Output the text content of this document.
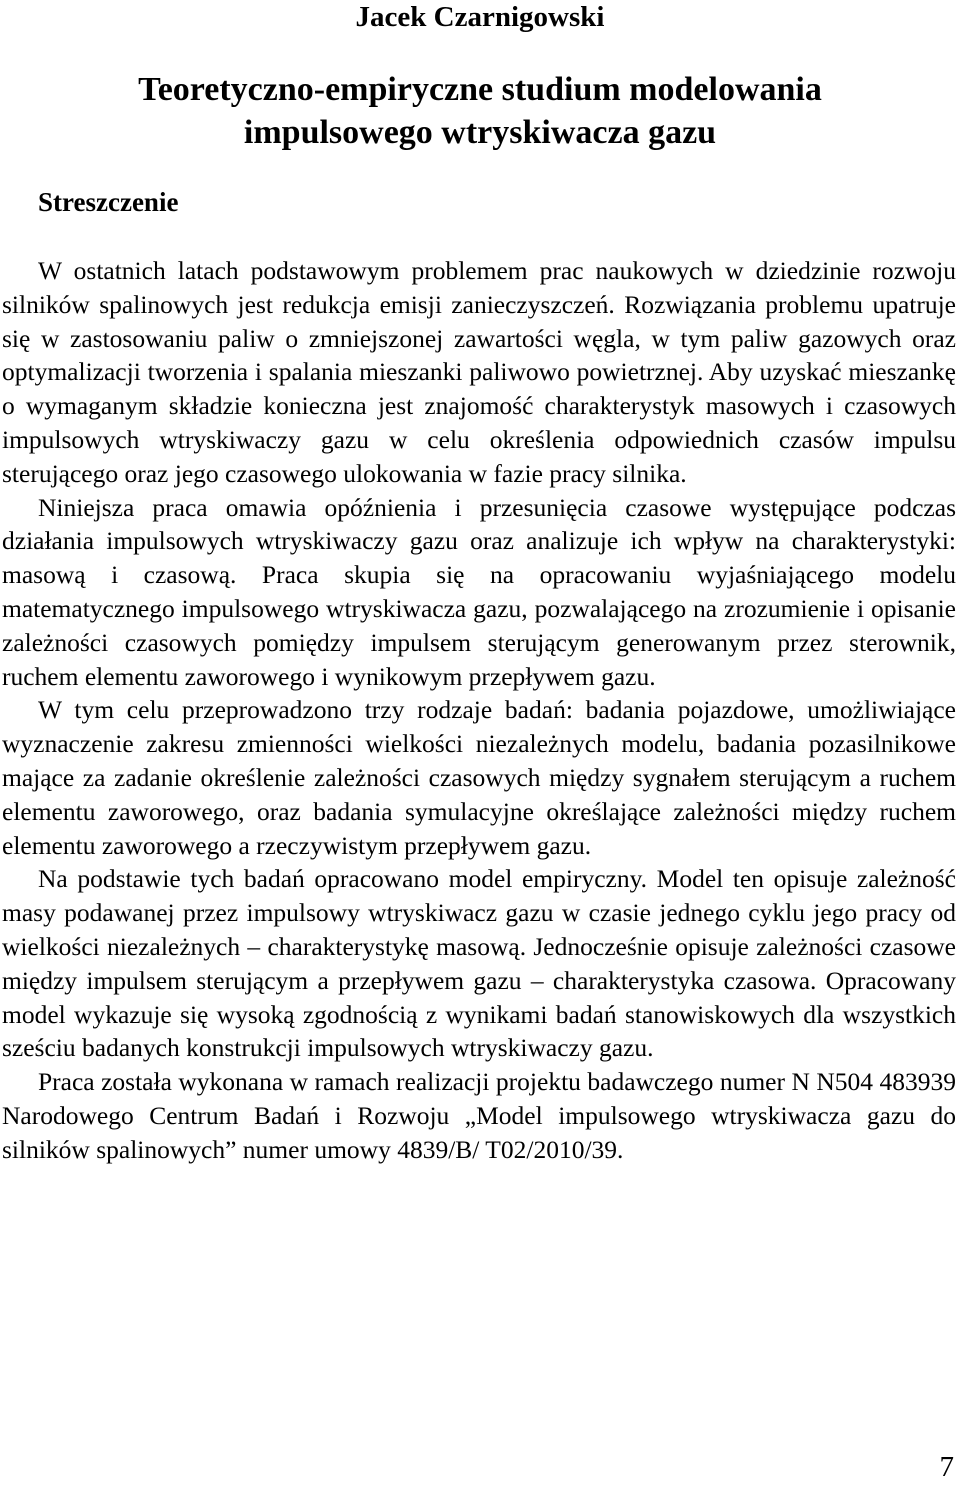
Jacek Czarnigowski
Teoretyczno-empiryczne studium modelowania
impulsowego wtryskiwacza gazu
Streszczenie

W ostatnich latach podstawowym problemem prac naukowych w dziedzinie rozwoju silników spalinowych jest redukcja emisji zanieczyszczeń. Rozwiązania problemu upatruje się w zastosowaniu paliw o zmniejszonej zawartości węgla, w tym paliw gazowych oraz optymalizacji tworzenia i spalania mieszanki paliwowo powietrznej. Aby uzyskać mieszankę o wymaganym składzie konieczna jest znajomość charakterystyk masowych i czasowych impulsowych wtryskiwaczy gazu w celu określenia odpowiednich czasów impulsu sterującego oraz jego czasowego ulokowania w fazie pracy silnika.

Niniejsza praca omawia opóźnienia i przesunięcia czasowe występujące podczas działania impulsowych wtryskiwaczy gazu oraz analizuje ich wpływ na charakterystyki: masową i czasową. Praca skupia się na opracowaniu wyjaśniającego modelu matematycznego impulsowego wtryskiwacza gazu, pozwalającego na zrozumienie i opisanie zależności czasowych pomiędzy impulsem sterującym generowanym przez sterownik, ruchem elementu zaworowego i wynikowym przepływem gazu.

W tym celu przeprowadzono trzy rodzaje badań: badania pojazdowe, umożliwiające wyznaczenie zakresu zmienności wielkości niezależnych modelu, badania pozasilnikowe mające za zadanie określenie zależności czasowych między sygnałem sterującym a ruchem elementu zaworowego, oraz badania symulacyjne określające zależności między ruchem elementu zaworowego a rzeczywistym przepływem gazu.

Na podstawie tych badań opracowano model empiryczny. Model ten opisuje zależność masy podawanej przez impulsowy wtryskiwacz gazu w czasie jednego cyklu jego pracy od wielkości niezależnych – charakterystykę masową. Jednocześnie opisuje zależności czasowe między impulsem sterującym a przepływem gazu – charakterystyka czasowa. Opracowany model wykazuje się wysoką zgodnością z wynikami badań stanowiskowych dla wszystkich sześciu badanych konstrukcji impulsowych wtryskiwaczy gazu.

Praca została wykonana w ramach realizacji projektu badawczego numer N N504 483939 Narodowego Centrum Badań i Rozwoju „Model impulsowego wtryskiwacza gazu do silników spalinowych” numer umowy 4839/B/ T02/2010/39.

7
